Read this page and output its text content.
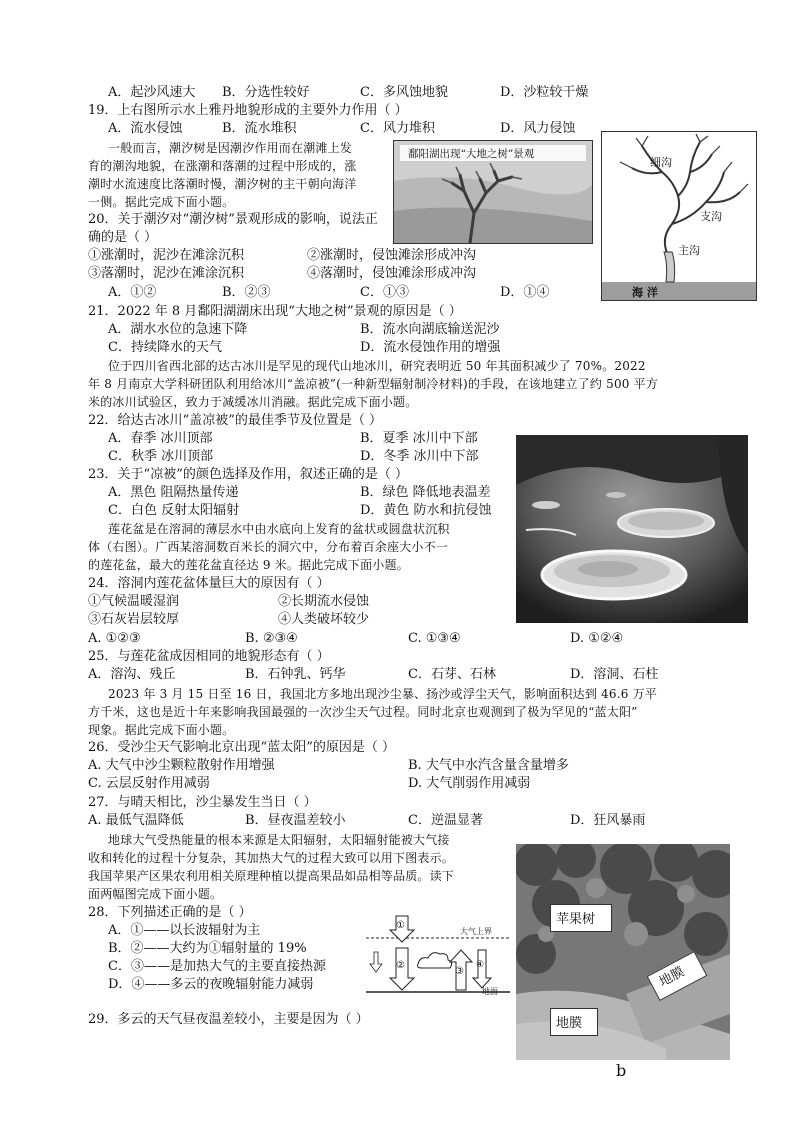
A．起沙风速大 B．分选性较好	C．多风蚀地貌	D．沙粒较干燥
19．上右图所示水上雅丹地貌形成的主要外力作用（ ）
A．流水侵蚀	B．流水堆积	C．风力堆积	D．风力侵蚀
一般而言，潮汐树是因潮汐作用而在潮滩上发
育的潮沟地貌，在涨潮和落潮的过程中形成的，涨
潮时水流速度比落潮时慢，潮汐树的主干朝向海洋
一侧。据此完成下面小题。
鄱阳湖出现“大地之树”景观
细沟
支沟
主沟
海 洋
20．关于潮汐对“潮汐树”景观形成的影响，说法正
确的是（ ）
①涨潮时，泥沙在滩涂沉积	②涨潮时，侵蚀滩涂形成冲沟
③落潮时，泥沙在滩涂沉积	④落潮时，侵蚀滩涂形成冲沟
A．①②	B．②③	C．①③	D．①④
21．2022 年 8 月鄱阳湖湖床出现“大地之树”景观的原因是（ ）
A．湖水水位的急速下降	B．流水向湖底输送泥沙
C．持续降水的天气	D．流水侵蚀作用的增强
位于四川省西北部的达古冰川是罕见的现代山地冰川，研究表明近 50 年其面积减少了 70%。2022
年 8 月南京大学科研团队利用给冰川“盖凉被”(一种新型辐射制冷材料)的手段，在该地建立了约 500 平方
米的冰川试验区，致力于减缓冰川消融。据此完成下面小题。
22．给达古冰川“盖凉被”的最佳季节及位置是（ ）
A．春季 冰川顶部	B．夏季 冰川中下部
C．秋季 冰川顶部	D．冬季 冰川中下部
23．关于“凉被”的颜色选择及作用，叙述正确的是（ ）
A．黑色 阻隔热量传递	B．绿色 降低地表温差
C．白色 反射太阳辐射	D．黄色 防水和抗侵蚀
莲花盆是在溶洞的薄层水中由水底向上发育的盆状或圆盘状沉积
体（右图）。广西某溶洞数百米长的洞穴中，分布着百余座大小不一
的莲花盆，最大的莲花盆直径达 9 米。据此完成下面小题。
24．溶洞内莲花盆体量巨大的原因有（ ）
①气候温暖湿润	②长期流水侵蚀
③石灰岩层较厚	④人类破坏较少
A. ①②③	B. ②③④	C. ①③④	D. ①②④
25．与莲花盆成因相同的地貌形态有（ ）
A．溶沟、残丘	B．石钟乳、钙华	C．石芽、石林	D．溶洞、石柱
2023 年 3 月 15 日至 16 日，我国北方多地出现沙尘暴、扬沙或浮尘天气，影响面积达到 46.6 万平
方千米，这也是近十年来影响我国最强的一次沙尘天气过程。同时北京也观测到了极为罕见的“蓝太阳”
现象。据此完成下面小题。
26．受沙尘天气影响北京出现“蓝太阳”的原因是（ ）
A. 大气中沙尘颗粒散射作用增强	B. 大气中水汽含量含量增多
C. 云层反射作用减弱	D. 大气削弱作用减弱
27．与晴天相比，沙尘暴发生当日（ ）
A. 最低气温降低	B．昼夜温差较小	C．逆温显著	D．狂风暴雨
地球大气受热能量的根本来源是太阳辐射，太阳辐射能被大气接
收和转化的过程十分复杂，其加热大气的过程大致可以用下图表示。
我国苹果产区果农利用相关原理种植以提高果品如品相等品质。读下
面两幅图完成下面小题。
28．下列描述正确的是（ ）
A．①——以长波辐射为主
B．②——大约为①辐射量的 19%
C．③——是加热大气的主要直接热源
D．④——多云的夜晚辐射能力减弱
①
②
③
④
大气上界
地面
29．多云的天气昼夜温差较小，主要是因为（ ）
苹果树
地膜
地膜
b
